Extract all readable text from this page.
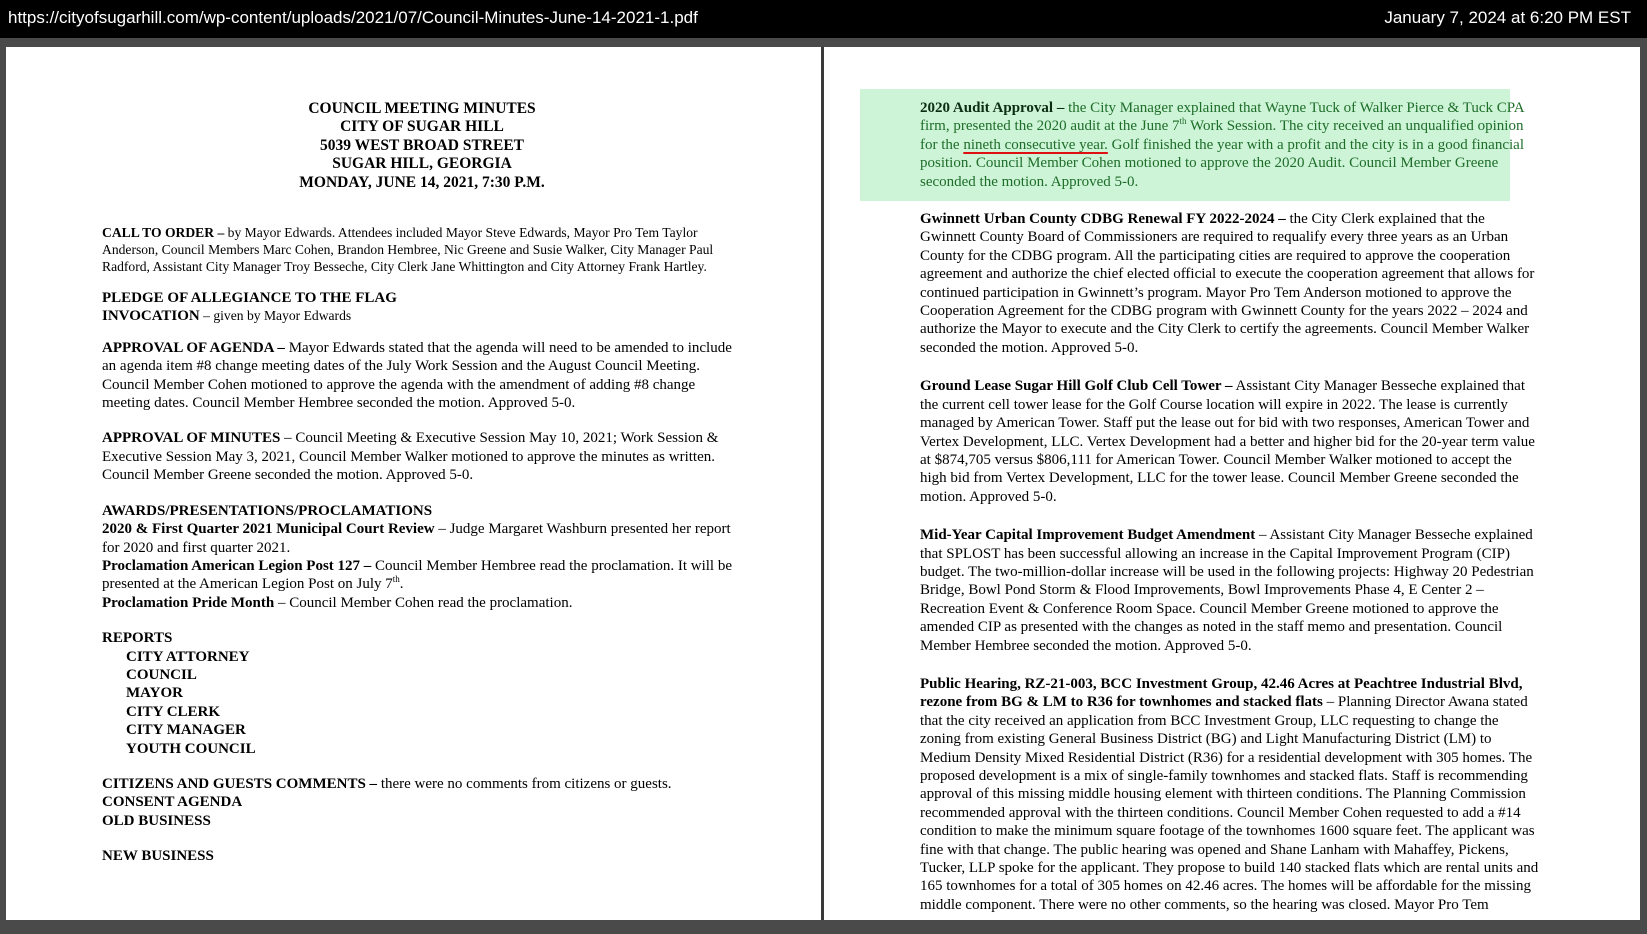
https://cityofsugarhill.com/wp-content/uploads/2021/07/Council-Minutes-June-14-2021-1.pdf	January 7, 2024 at 6:20 PM EST
COUNCIL MEETING MINUTES
CITY OF SUGAR HILL
5039 WEST BROAD STREET
SUGAR HILL, GEORGIA
MONDAY, JUNE 14, 2021, 7:30 P.M.
CALL TO ORDER – by Mayor Edwards. Attendees included Mayor Steve Edwards, Mayor Pro Tem Taylor Anderson, Council Members Marc Cohen, Brandon Hembree, Nic Greene and Susie Walker, City Manager Paul Radford, Assistant City Manager Troy Besseche, City Clerk Jane Whittington and City Attorney Frank Hartley.
PLEDGE OF ALLEGIANCE TO THE FLAG
INVOCATION – given by Mayor Edwards
APPROVAL OF AGENDA – Mayor Edwards stated that the agenda will need to be amended to include an agenda item #8 change meeting dates of the July Work Session and the August Council Meeting. Council Member Cohen motioned to approve the agenda with the amendment of adding #8 change meeting dates. Council Member Hembree seconded the motion. Approved 5-0.
APPROVAL OF MINUTES – Council Meeting & Executive Session May 10, 2021; Work Session & Executive Session May 3, 2021, Council Member Walker motioned to approve the minutes as written. Council Member Greene seconded the motion. Approved 5-0.
AWARDS/PRESENTATIONS/PROCLAMATIONS
2020 & First Quarter 2021 Municipal Court Review – Judge Margaret Washburn presented her report for 2020 and first quarter 2021.
Proclamation American Legion Post 127 – Council Member Hembree read the proclamation. It will be presented at the American Legion Post on July 7th.
Proclamation Pride Month – Council Member Cohen read the proclamation.
REPORTS
CITY ATTORNEY
COUNCIL
MAYOR
CITY CLERK
CITY MANAGER
YOUTH COUNCIL
CITIZENS AND GUESTS COMMENTS – there were no comments from citizens or guests.
CONSENT AGENDA
OLD BUSINESS
NEW BUSINESS
2020 Audit Approval – the City Manager explained that Wayne Tuck of Walker Pierce & Tuck CPA firm, presented the 2020 audit at the June 7th Work Session. The city received an unqualified opinion for the nineth consecutive year. Golf finished the year with a profit and the city is in a good financial position. Council Member Cohen motioned to approve the 2020 Audit. Council Member Greene seconded the motion. Approved 5-0.
Gwinnett Urban County CDBG Renewal FY 2022-2024 – the City Clerk explained that the Gwinnett County Board of Commissioners are required to requalify every three years as an Urban County for the CDBG program. All the participating cities are required to approve the cooperation agreement and authorize the chief elected official to execute the cooperation agreement that allows for continued participation in Gwinnett’s program. Mayor Pro Tem Anderson motioned to approve the Cooperation Agreement for the CDBG program with Gwinnett County for the years 2022 – 2024 and authorize the Mayor to execute and the City Clerk to certify the agreements. Council Member Walker seconded the motion. Approved 5-0.
Ground Lease Sugar Hill Golf Club Cell Tower – Assistant City Manager Besseche explained that the current cell tower lease for the Golf Course location will expire in 2022. The lease is currently managed by American Tower. Staff put the lease out for bid with two responses, American Tower and Vertex Development, LLC. Vertex Development had a better and higher bid for the 20-year term value at $874,705 versus $806,111 for American Tower. Council Member Walker motioned to accept the high bid from Vertex Development, LLC for the tower lease. Council Member Greene seconded the motion. Approved 5-0.
Mid-Year Capital Improvement Budget Amendment – Assistant City Manager Besseche explained that SPLOST has been successful allowing an increase in the Capital Improvement Program (CIP) budget. The two-million-dollar increase will be used in the following projects: Highway 20 Pedestrian Bridge, Bowl Pond Storm & Flood Improvements, Bowl Improvements Phase 4, E Center 2 – Recreation Event & Conference Room Space. Council Member Greene motioned to approve the amended CIP as presented with the changes as noted in the staff memo and presentation. Council Member Hembree seconded the motion. Approved 5-0.
Public Hearing, RZ-21-003, BCC Investment Group, 42.46 Acres at Peachtree Industrial Blvd, rezone from BG & LM to R36 for townhomes and stacked flats – Planning Director Awana stated that the city received an application from BCC Investment Group, LLC requesting to change the zoning from existing General Business District (BG) and Light Manufacturing District (LM) to Medium Density Mixed Residential District (R36) for a residential development with 305 homes. The proposed development is a mix of single-family townhomes and stacked flats. Staff is recommending approval of this missing middle housing element with thirteen conditions. The Planning Commission recommended approval with the thirteen conditions. Council Member Cohen requested to add a #14 condition to make the minimum square footage of the townhomes 1600 square feet. The applicant was fine with that change. The public hearing was opened and Shane Lanham with Mahaffey, Pickens, Tucker, LLP spoke for the applicant. They propose to build 140 stacked flats which are rental units and 165 townhomes for a total of 305 homes on 42.46 acres. The homes will be affordable for the missing middle component. There were no other comments, so the hearing was closed. Mayor Pro Tem
